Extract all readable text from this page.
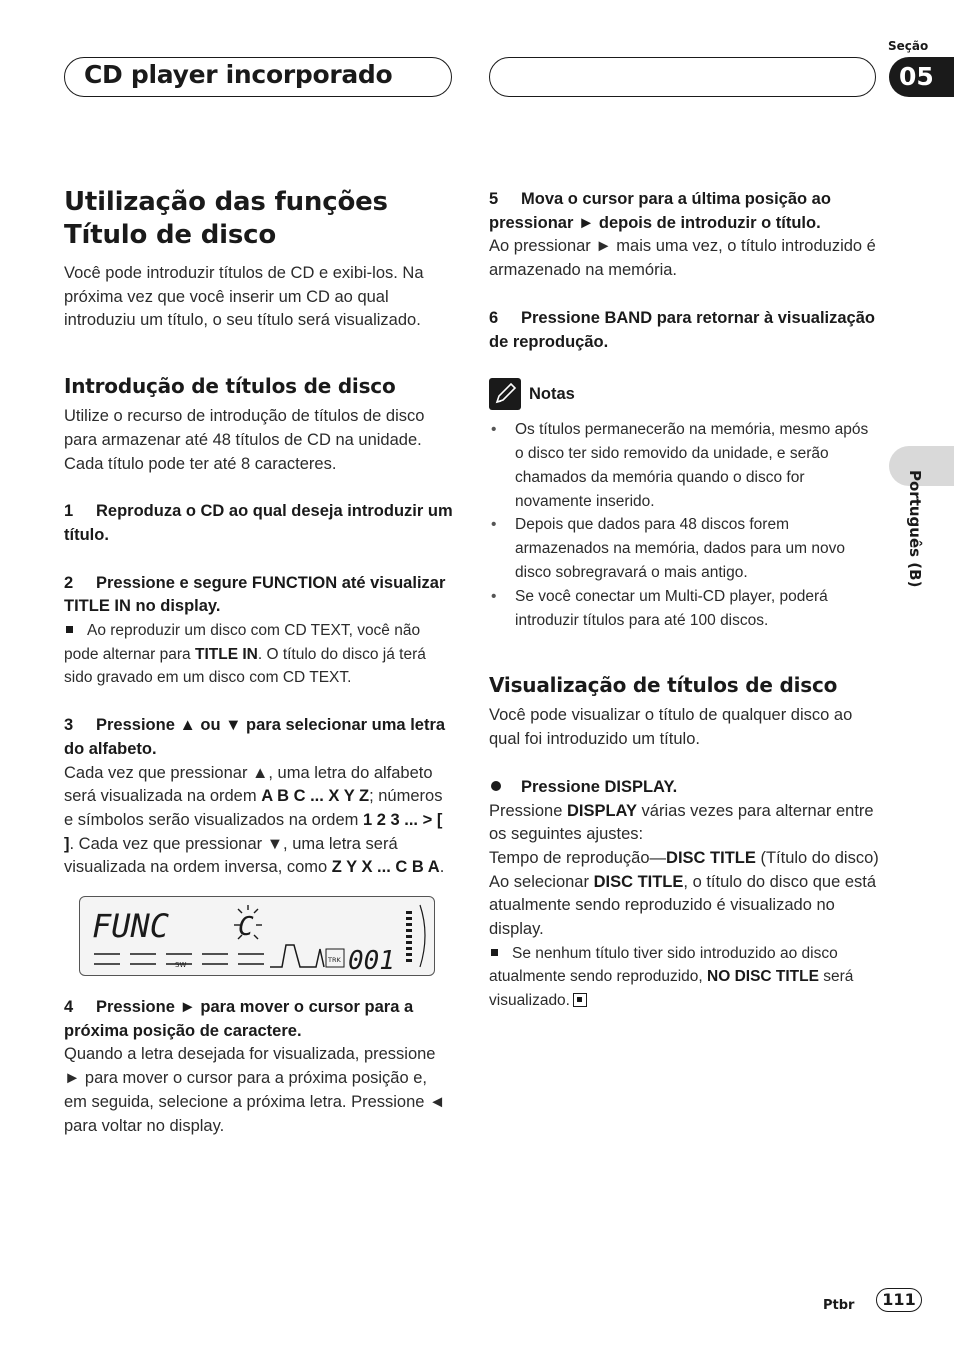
CD player incorporado
Seção
05
Português (B)
Utilização das funções
Título de disco

Você pode introduzir títulos de CD e exibi-los. Na próxima vez que você inserir um CD ao qual introduziu um título, o seu título será visualizado.

Introdução de títulos de disco

Utilize o recurso de introdução de títulos de disco para armazenar até 48 títulos de CD na unidade. Cada título pode ter até 8 caracteres.

1 Reproduza o CD ao qual deseja introduzir um título.
2 Pressione e segure FUNCTION até visualizar TITLE IN no display.
Ao reproduzir um disco com CD TEXT, você não pode alternar para TITLE IN. O título do disco já terá sido gravado em um disco com CD TEXT.
3 Pressione ▲ ou ▼ para selecionar uma letra do alfabeto.

Cada vez que pressionar ▲, uma letra do alfabeto será visualizada na ordem A B C ... X Y Z; números e símbolos serão visualizados na ordem 1 2 3 ... > [ ]. Cada vez que pressionar ▼, uma letra será visualizada na ordem inversa, como Z Y X ... C B A.

FUNC	C
SW
TRK 001
4 Pressione ► para mover o cursor para a próxima posição de caractere.

Quando a letra desejada for visualizada, pressione ► para mover o cursor para a próxima posição e, em seguida, selecione a próxima letra. Pressione ◄ para voltar no display.

5 Mova o cursor para a última posição ao pressionar ► depois de introduzir o título.

Ao pressionar ► mais uma vez, o título introduzido é armazenado na memória.

6 Pressione BAND para retornar à visualização de reprodução.
Notas
• Os títulos permanecerão na memória, mesmo após o disco ter sido removido da unidade, e serão chamados da memória quando o disco for novamente inserido.
• Depois que dados para 48 discos forem armazenados na memória, dados para um novo disco sobregravará o mais antigo.
• Se você conectar um Multi-CD player, poderá introduzir títulos para até 100 discos.
Visualização de títulos de disco

Você pode visualizar o título de qualquer disco ao qual foi introduzido um título.

Pressione DISPLAY.

Pressione DISPLAY várias vezes para alternar entre os seguintes ajustes:

Tempo de reprodução—DISC TITLE (Título do disco)

Ao selecionar DISC TITLE, o título do disco que está atualmente sendo reproduzido é visualizado no display.

Se nenhum título tiver sido introduzido ao disco atualmente sendo reproduzido, NO DISC TITLE será visualizado.
Ptbr	111
